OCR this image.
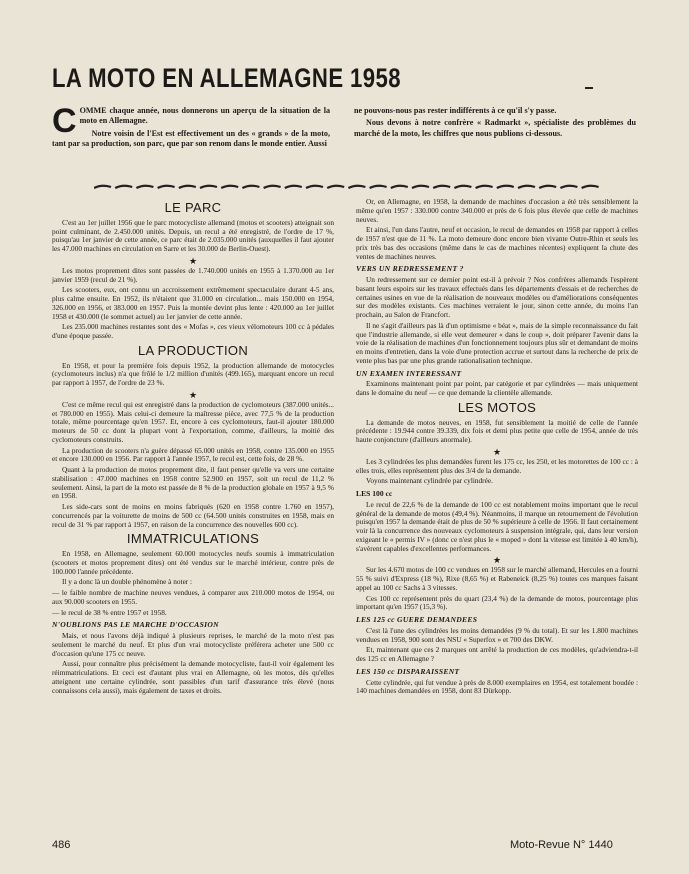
LA MOTO EN ALLEMAGNE 1958
C OMME chaque année, nous donnerons un aperçu de la situation de la moto en Allemagne.

Notre voisin de l'Est est effectivement un des « grands » de la moto, tant par sa production, son parc, que par son renom dans le monde entier. Aussi

ne pouvons-nous pas rester indifférents à ce qu'il s'y passe.

Nous devons à notre confrère « Radmarkt », spécialiste des problèmes du marché de la moto, les chiffres que nous publions ci-dessous.

LE PARC

C'est au 1er juillet 1956 que le parc motocycliste allemand (motos et scooters) atteignait son point culminant, de 2.450.000 unités. Depuis, un recul a été enregistré, de l'ordre de 17 %, puisqu'au 1er janvier de cette année, ce parc était de 2.035.000 unités (auxquelles il faut ajouter les 47.000 machines en circulation en Sarre et les 30.000 de Berlin-Ouest).

★

Les motos proprement dites sont passées de 1.740.000 unités en 1955 à 1.370.000 au 1er janvier 1959 (recul de 21 %).

Les scooters, eux, ont connu un accroissement extrêmement spectaculaire durant 4-5 ans, plus calme ensuite. En 1952, ils n'étaient que 31.000 en circulation... mais 150.000 en 1954, 326.000 en 1956, et 383.000 en 1957. Puis la montée devint plus lente : 420.000 au 1er juillet 1958 et 430.000 (le sommet actuel) au 1er janvier de cette année.

Les 235.000 machines restantes sont des « Mofas », ces vieux vélomoteurs 100 cc à pédales d'une époque passée.

LA PRODUCTION

En 1958, et pour la première fois depuis 1952, la production allemande de motocycles (cyclomoteurs inclus) n'a que frôlé le 1/2 million d'unités (499.165), marquant encore un recul par rapport à 1957, de l'ordre de 23 %.

★

C'est ce même recul qui est enregistré dans la production de cyclomoteurs (387.000 unités... et 780.000 en 1955). Mais celui-ci demeure la maîtresse pièce, avec 77,5 % de la production totale, même pourcentage qu'en 1957. Et, encore à ces cyclomoteurs, faut-il ajouter 180.000 moteurs de 50 cc dont la plupart vont à l'exportation, comme, d'ailleurs, la moitié des cyclomoteurs construits.

La production de scooters n'a guère dépassé 65.000 unités en 1958, contre 135.000 en 1955 et encore 130.000 en 1956. Par rapport à l'année 1957, le recul est, cette fois, de 28 %.

Quant à la production de motos proprement dite, il faut penser qu'elle va vers une certaine stabilisation : 47.000 machines en 1958 contre 52.900 en 1957, soit un recul de 11,2 % seulement. Ainsi, la part de la moto est passée de 8 % de la production globale en 1957 à 9,5 % en 1958.

Les side-cars sont de moins en moins fabriqués (620 en 1958 contre 1.760 en 1957), concurrencés par la voiturette de moins de 500 cc (64.500 unités construites en 1958, mais en recul de 31 % par rapport à 1957, en raison de la concurrence des nouvelles 600 cc).

IMMATRICULATIONS

En 1958, en Allemagne, seulement 60.000 motocycles neufs soumis à immatriculation (scooters et motos proprement dites) ont été vendus sur le marché intérieur, contre près de 100.000 l'année précédente.

Il y a donc là un double phénomène à noter :

— le faible nombre de machine neuves vendues, à comparer aux 210.000 motos de 1954, ou aux 90.000 scooters en 1955.

— le recul de 38 % entre 1957 et 1958.

N'OUBLIONS PAS LE MARCHE D'OCCASION

Mais, et nous l'avons déjà indiqué à plusieurs reprises, le marché de la moto n'est pas seulement le marché du neuf. Et plus d'un vrai motocycliste préférera acheter une 500 cc d'occasion qu'une 175 cc neuve.

Aussi, pour connaître plus précisément la demande motocycliste, faut-il voir également les réimmatriculations. Et ceci est d'autant plus vrai en Allemagne, où les motos, dès qu'elles atteignent une certaine cylindrée, sont passibles d'un tarif d'assurance très élevé (nous connaissons cela aussi), mais également de taxes et droits.

Or, en Allemagne, en 1958, la demande de machines d'occasion a été très sensiblement la même qu'en 1957 : 330.000 contre 340.000 et près de 6 fois plus élevée que celle de machines neuves.

Et ainsi, l'un dans l'autre, neuf et occasion, le recul de demandes en 1958 par rapport à celles de 1957 n'est que de 11 %. La moto demeure donc encore bien vivante Outre-Rhin et seuls les prix très bas des occasions (même dans le cas de machines récentes) expliquent la chute des ventes de machines neuves.

VERS UN REDRESSEMENT ?

Un redressement sur ce dernier point est-il à prévoir ? Nos confrères allemands l'espèrent basant leurs espoirs sur les travaux effectués dans les départements d'essais et de recherches de certaines usines en vue de la réalisation de nouveaux modèles ou d'améliorations conséquentes sur des modèles existants. Ces machines verraient le jour, sinon cette année, du moins l'an prochain, au Salon de Francfort.

Il ne s'agit d'ailleurs pas là d'un optimisme « béat », mais de la simple reconnaissance du fait que l'industrie allemande, si elle veut demeurer « dans le coup », doit préparer l'avenir dans la voie de la réalisation de machines d'un fonctionnement toujours plus sûr et demandant de moins en moins d'entretien, dans la voie d'une protection accrue et surtout dans la recherche de prix de vente plus bas par une plus grande rationalisation technique.

UN EXAMEN INTERESSANT

Examinons maintenant point par point, par catégorie et par cylindrées — mais uniquement dans le domaine du neuf — ce que demande la clientèle allemande.

LES MOTOS

La demande de motos neuves, en 1958, fut sensiblement la moitié de celle de l'année précédente : 19.944 contre 39.339, dix fois et demi plus petite que celle de 1954, année de très haute conjoncture (d'ailleurs anormale).

★

Les 3 cylindrées les plus demandées furent les 175 cc, les 250, et les motorettes de 100 cc : à elles trois, elles représentent plus des 3/4 de la demande.

Voyons maintenant cylindrée par cylindrée.

LES 100 cc

Le recul de 22,6 % de la demande de 100 cc est notablement moins important que le recul général de la demande de motos (49,4 %). Néanmoins, il marque un retournement de l'évolution puisqu'en 1957 la demande était de plus de 50 % supérieure à celle de 1956. Il faut certainement voir là la concurrence des nouveaux cyclomoteurs à suspension intégrale, qui, dans leur version exigeant le « permis IV » (donc ce n'est plus le « moped » dont la vitesse est limitée à 40 km/h), s'avèrent capables d'excellentes performances.

★

Sur les 4.670 motos de 100 cc vendues en 1958 sur le marché allemand, Hercules en a fourni 55 % suivi d'Express (18 %), Rixe (8,65 %) et Rabeneick (8,25 %) toutes ces marques faisant appel au 100 cc Sachs à 3 vitesses.

Ces 100 cc représentent près du quart (23,4 %) de la demande de motos, pourcentage plus important qu'en 1957 (15,3 %).

LES 125 cc GUERE DEMANDEES

C'est là l'une des cylindrées les moins demandées (9 % du total). Et sur les 1.800 machines vendues en 1958, 900 sont des NSU « Superfox » et 700 des DKW.

Et, maintenant que ces 2 marques ont arrêté la production de ces modèles, qu'adviendra-t-il des 125 cc en Allemagne ?

LES 150 cc DISPARAISSENT

Cette cylindrée, qui fut vendue à près de 8.000 exemplaires en 1954, est totalement boudée : 140 machines demandées en 1958, dont 83 Dürkopp.

486	Moto-Revue N° 1440
